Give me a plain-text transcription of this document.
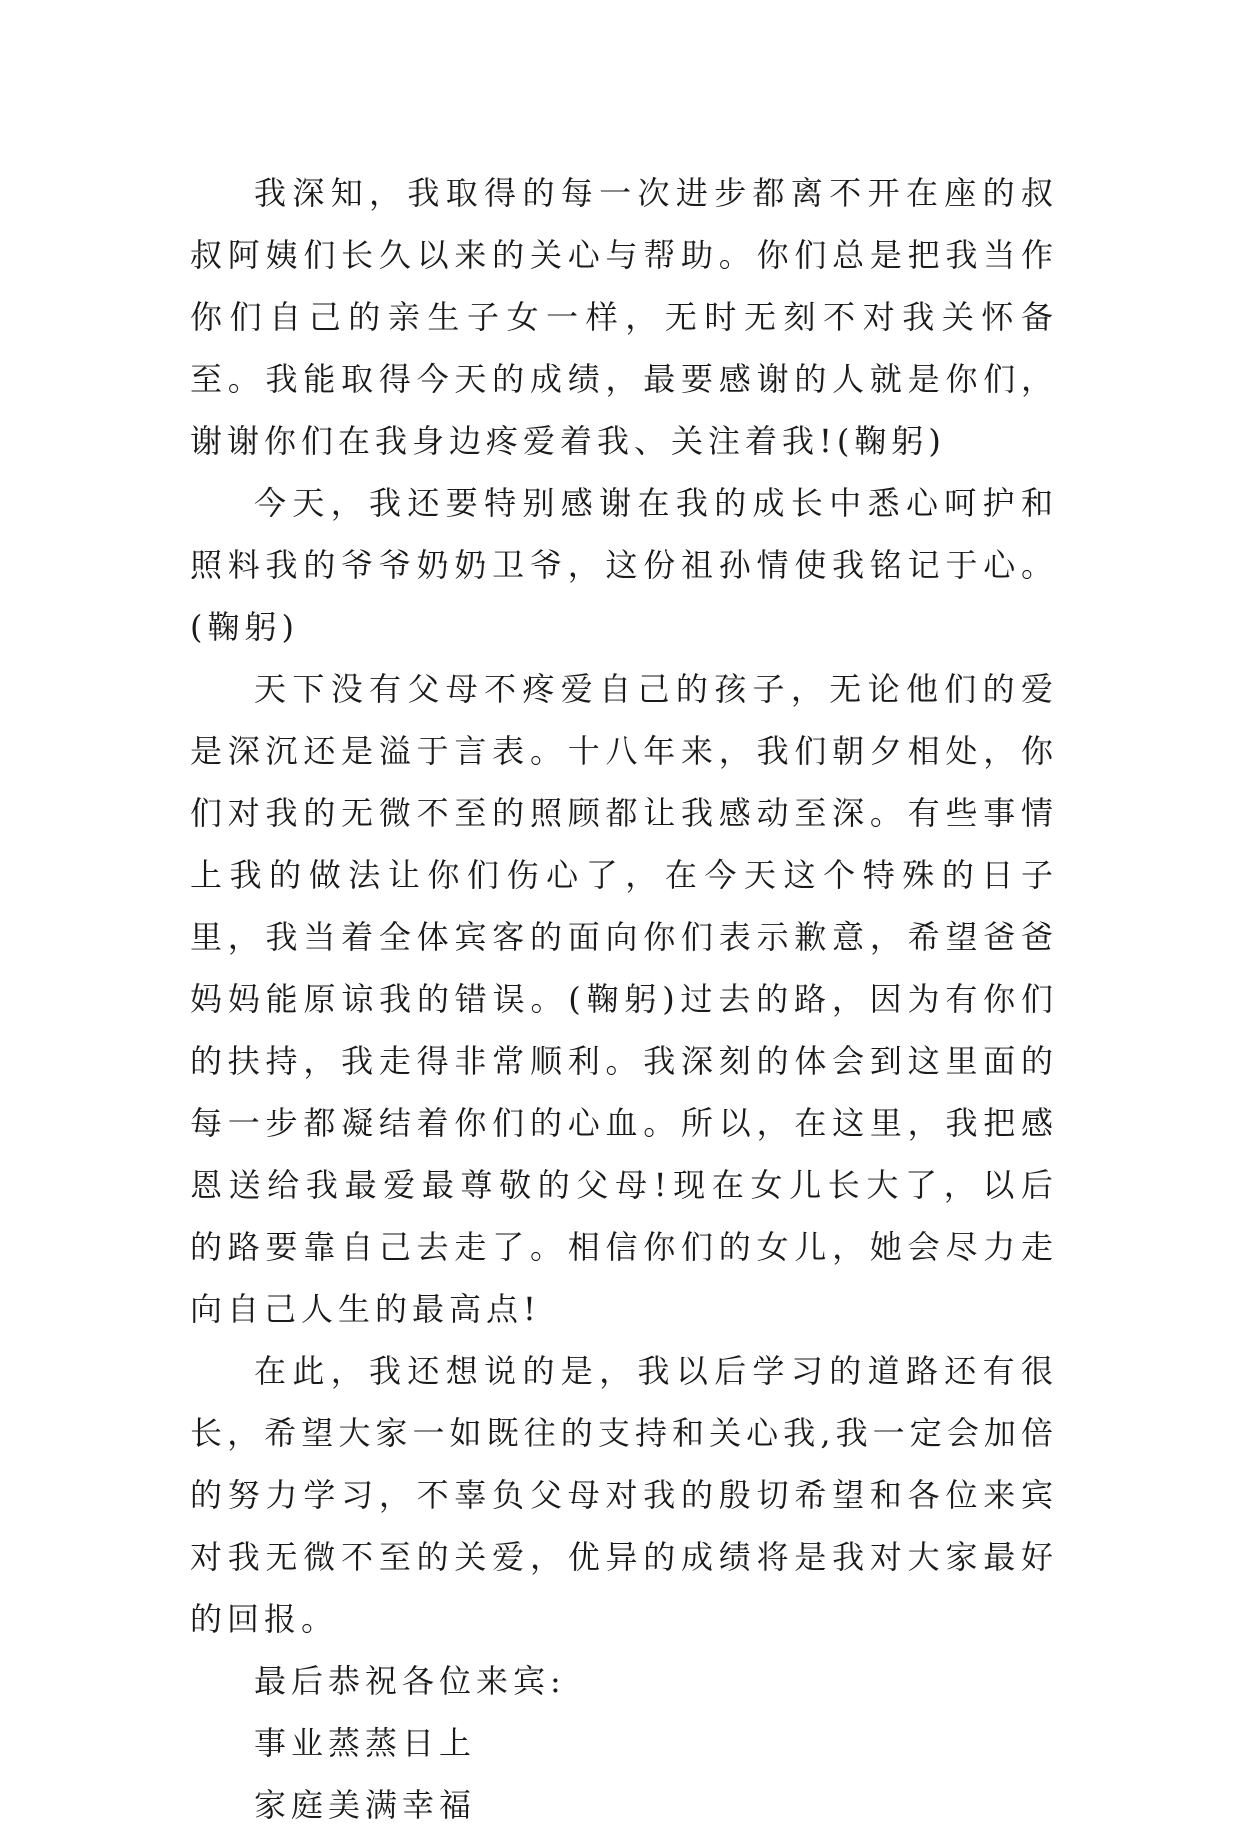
我深知，我取得的每一次进步都离不开在座的叔叔阿姨们长久以来的关心与帮助。你们总是把我当作你们自己的亲生子女一样，无时无刻不对我关怀备至。我能取得今天的成绩，最要感谢的人就是你们，谢谢你们在我身边疼爱着我、关注着我!(鞠躬)

今天，我还要特别感谢在我的成长中悉心呵护和照料我的爷爷奶奶卫爷，这份祖孙情使我铭记于心。(鞠躬)

天下没有父母不疼爱自己的孩子，无论他们的爱是深沉还是溢于言表。十八年来，我们朝夕相处，你们对我的无微不至的照顾都让我感动至深。有些事情上我的做法让你们伤心了，在今天这个特殊的日子里，我当着全体宾客的面向你们表示歉意，希望爸爸妈妈能原谅我的错误。(鞠躬)过去的路，因为有你们的扶持，我走得非常顺利。我深刻的体会到这里面的每一步都凝结着你们的心血。所以，在这里，我把感恩送给我最爱最尊敬的父母!现在女儿长大了，以后的路要靠自己去走了。相信你们的女儿，她会尽力走向自己人生的最高点!

在此，我还想说的是，我以后学习的道路还有很长，希望大家一如既往的支持和关心我,我一定会加倍的努力学习，不辜负父母对我的殷切希望和各位来宾对我无微不至的关爱，优异的成绩将是我对大家最好的回报。

最后恭祝各位来宾:

事业蒸蒸日上

家庭美满幸福
